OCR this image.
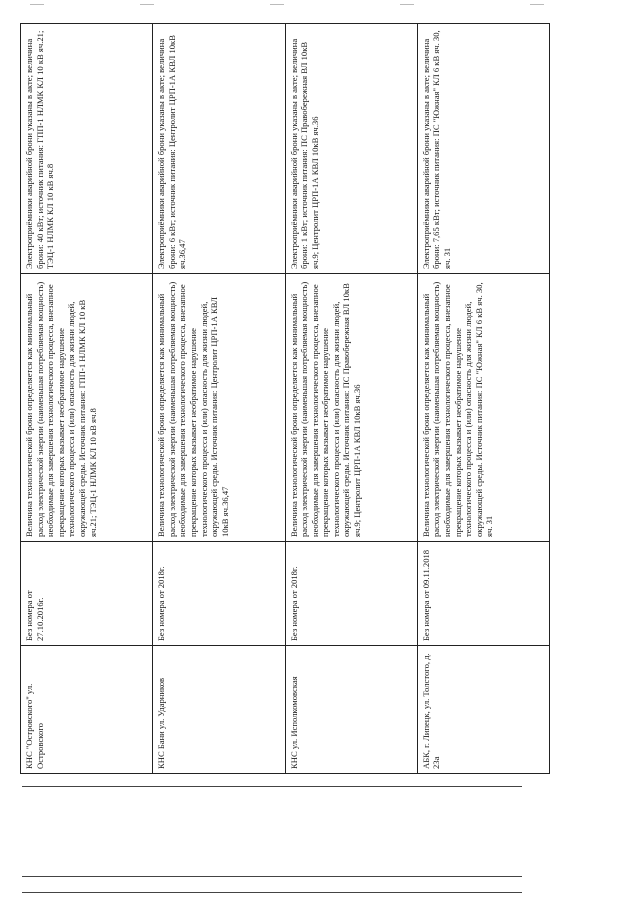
КНС "Островского" ул. Островского	Без номера от 27.10.2016г.	Величина технологической брони определяется как минимальный расход электрической энергии (наименьшая потребляемая мощность) необходимые для завершения технологического процесса, внезапное прекращение которых вызывает необратимое нарушение технологического процесса и (или) опасность для жизни людей, окружающей среды. Источник питания: ГПП-1 НЛМК КЛ 10 кВ яч.21; ТЭЦ-1 НЛМК КЛ 10 кВ яч.8	Электроприёмники аварийной брони указаны в акте; величина брони: 40 кВт; источник питания: ГПП-1 НЛМК КЛ 10 кВ яч.21; ТЭЦ-1 НЛМК КЛ 10 кВ яч.8
КНС Бани ул. Ударников	Без номера от 2018г.	Величина технологической брони определяется как минимальный расход электрической энергии (наименьшая потребляемая мощность) необходимые для завершения технологического процесса, внезапное прекращение которых вызывает необратимое нарушение технологического процесса и (или) опасность для жизни людей, окружающей среды. Источник питания: Центролит ЦРП-1А КВЛ 10кВ яч.36,47	Электроприёмники аварийной брони указаны в акте; величина брони: 6 кВт; источник питания: Центролит ЦРП-1А КВЛ 10кВ яч.36,47
КНС ул. Исполкомовская	Без номера от 2018г.	Величина технологической брони определяется как минимальный расход электрической энергии (наименьшая потребляемая мощность) необходимые для завершения технологического процесса, внезапное прекращение которых вызывает необратимое нарушение технологического процесса и (или) опасность для жизни людей, окружающей среды. Источник питания: ПС Правобережная ВЛ 10кВ яч.9; Центролит ЦРП-1А КВЛ 10кВ яч.36	Электроприёмники аварийной брони указаны в акте; величина брони: 1 кВт; источник питания: ПС Правобережная ВЛ 10кВ яч.9; Центролит ЦРП-1А КВЛ 10кВ яч.36
АБК, г. Липецк, ул. Толстого, д. 23а	Без номера от 09.11.2018	Величина технологической брони определяется как минимальный расход электрической энергии (наименьшая потребляемая мощность) необходимые для завершения технологического процесса, внезапное прекращение которых вызывает необратимое нарушение технологического процесса и (или) опасность для жизни людей, окружающей среды. Источник питания: ПС "Южная" КЛ 6 кВ яч. 30, яч. 31	Электроприёмники аварийной брони указаны в акте; величина брони: 7,65 кВт; источник питания: ПС "Южная" КЛ 6 кВ яч. 30, яч. 31
